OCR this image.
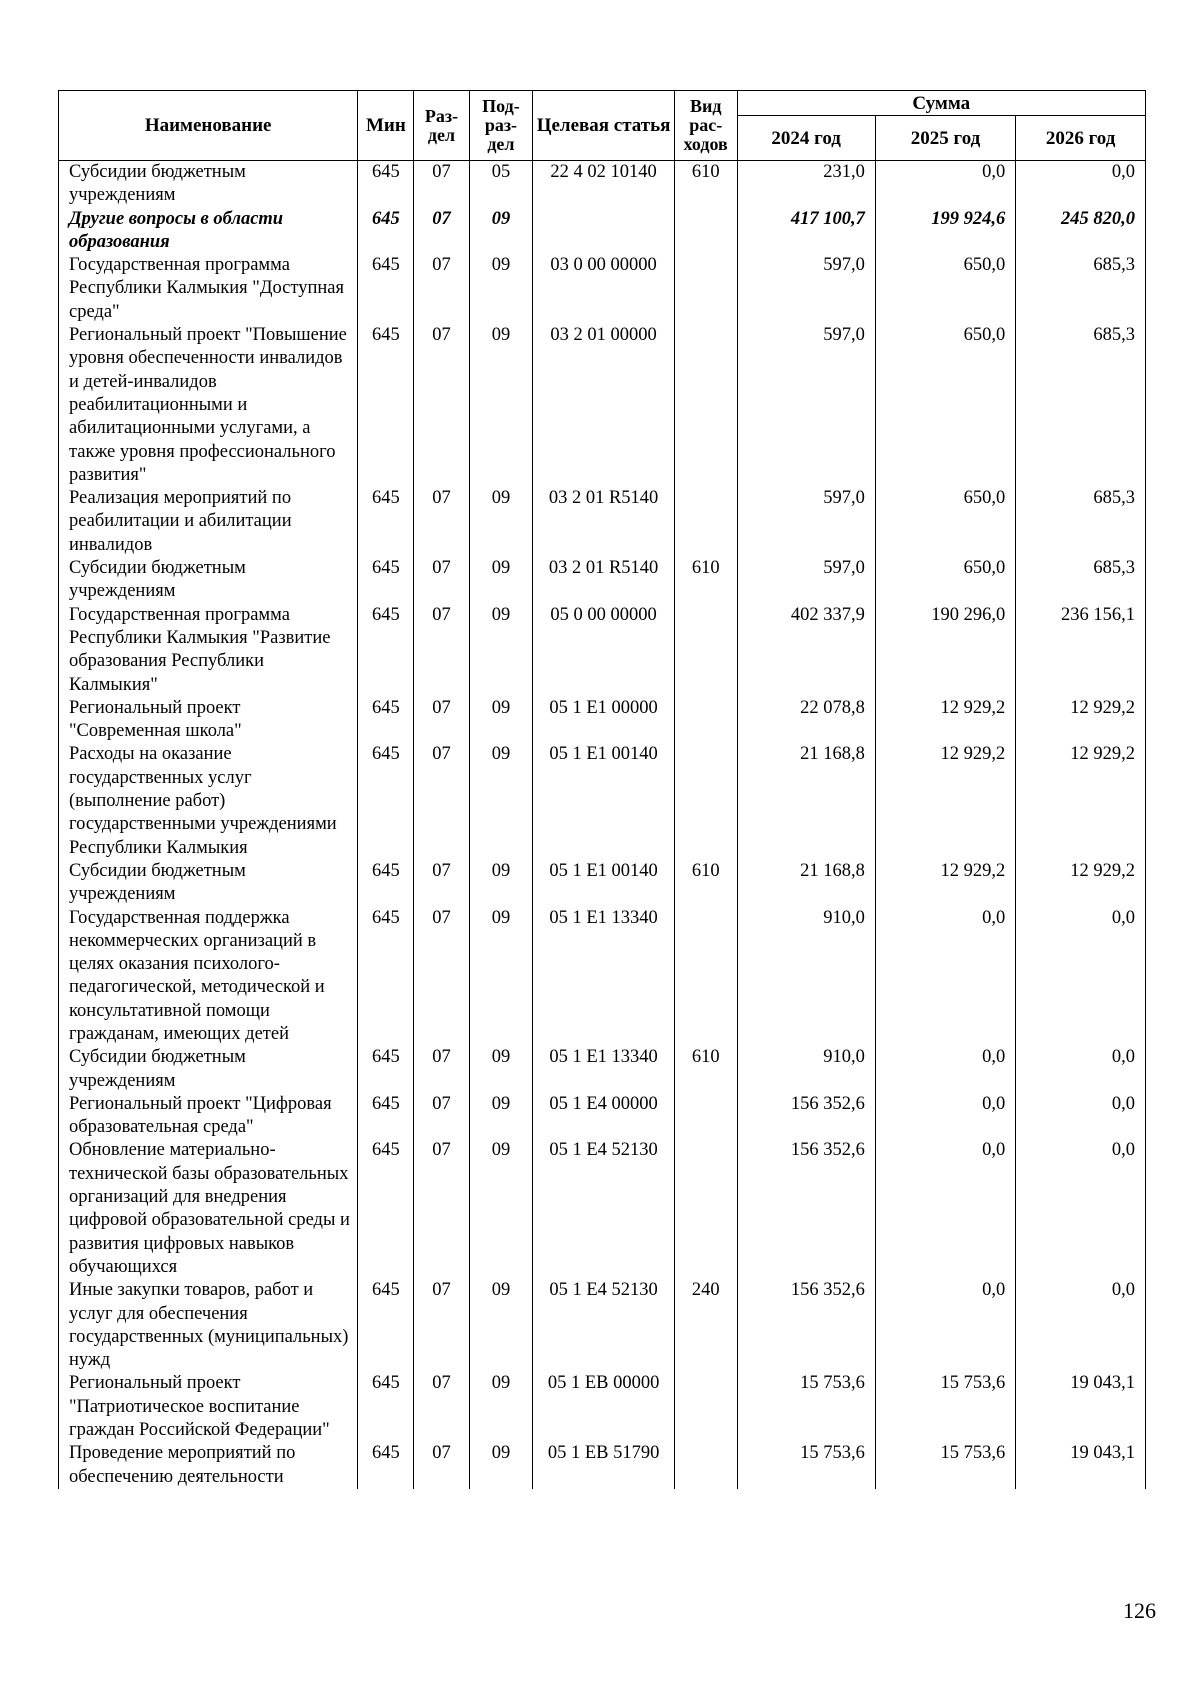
Наименование	Мин	Раз-дел	Под-раз-дел	Целевая статья	Вид рас-ходов	Сумма		
						2024 год	2025 год	2026 год
Субсидии бюджетным учреждениям	645	07	05	22 4 02 10140	610	231,0	0,0	0,0
Другие вопросы в области образования	645	07	09			417 100,7	199 924,6	245 820,0
Государственная программа Республики Калмыкия "Доступная среда"	645	07	09	03 0 00 00000		597,0	650,0	685,3
Региональный проект "Повышение уровня обеспеченности инвалидов и детей-инвалидов реабилитационными и абилитационными услугами, а также уровня профессионального развития"	645	07	09	03 2 01 00000		597,0	650,0	685,3
Реализация мероприятий по реабилитации и абилитации инвалидов	645	07	09	03 2 01 R5140		597,0	650,0	685,3
Субсидии бюджетным учреждениям	645	07	09	03 2 01 R5140	610	597,0	650,0	685,3
Государственная программа Республики Калмыкия "Развитие образования Республики Калмыкия"	645	07	09	05 0 00 00000		402 337,9	190 296,0	236 156,1
Региональный проект "Современная школа"	645	07	09	05 1 E1 00000		22 078,8	12 929,2	12 929,2
Расходы на оказание государственных услуг (выполнение работ) государственными учреждениями Республики Калмыкия	645	07	09	05 1 E1 00140		21 168,8	12 929,2	12 929,2
Субсидии бюджетным учреждениям	645	07	09	05 1 E1 00140	610	21 168,8	12 929,2	12 929,2
Государственная поддержка некоммерческих организаций в целях оказания психолого-педагогической, методической и консультативной помощи гражданам, имеющих детей	645	07	09	05 1 E1 13340		910,0	0,0	0,0
Субсидии бюджетным учреждениям	645	07	09	05 1 E1 13340	610	910,0	0,0	0,0
Региональный проект "Цифровая образовательная среда"	645	07	09	05 1 E4 00000		156 352,6	0,0	0,0
Обновление материально-технической базы образовательных организаций для внедрения цифровой образовательной среды и развития цифровых навыков обучающихся	645	07	09	05 1 E4 52130		156 352,6	0,0	0,0
Иные закупки товаров, работ и услуг для обеспечения государственных (муниципальных) нужд	645	07	09	05 1 E4 52130	240	156 352,6	0,0	0,0
Региональный проект "Патриотическое воспитание граждан Российской Федерации"	645	07	09	05 1 EB 00000		15 753,6	15 753,6	19 043,1
Проведение мероприятий по обеспечению деятельности	645	07	09	05 1 EB 51790		15 753,6	15 753,6	19 043,1
126
